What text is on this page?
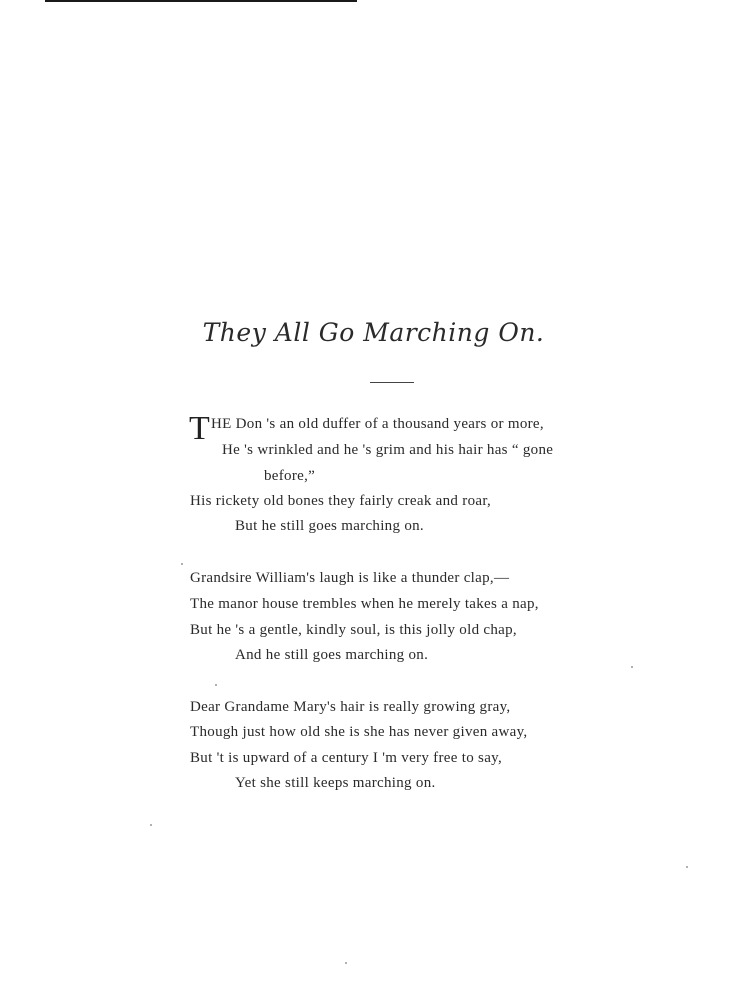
They All Go Marching On.
T HE Don 's an old duffer of a thousand years or more,
He 's wrinkled and he 's grim and his hair has “ gone
before,”
His rickety old bones they fairly creak and roar,
But he still goes marching on.
Grandsire William's laugh is like a thunder clap,—
The manor house trembles when he merely takes a nap,
But he 's a gentle, kindly soul, is this jolly old chap,
And he still goes marching on.
Dear Grandame Mary's hair is really growing gray,
Though just how old she is she has never given away,
But 't is upward of a century I 'm very free to say,
Yet she still keeps marching on.
